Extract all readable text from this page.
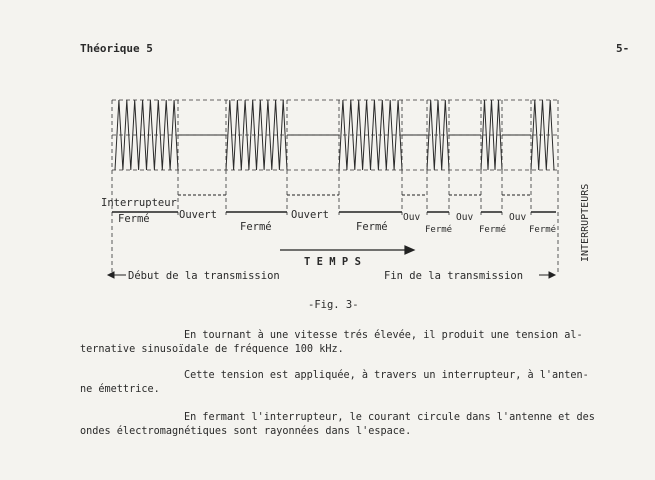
Théorique 5	5-
Interrupteur
Fermé	Ouvert
Fermé
Ouvert
Fermé
Ouv
Fermé
Ouv
Fermé
Ouv
Fermé
T E M P S
Début de la transmission	Fin de la transmission
INTERRUPTEURS
-Fig. 3-
En tournant à une vitesse trés élevée, il produit une tension al-
ternative sinusoïdale de fréquence 100 kHz.
Cette tension est appliquée, à travers un interrupteur, à l'anten-
ne émettrice.
En fermant l'interrupteur, le courant circule dans l'antenne et des
ondes électromagnétiques sont rayonnées dans l'espace.
